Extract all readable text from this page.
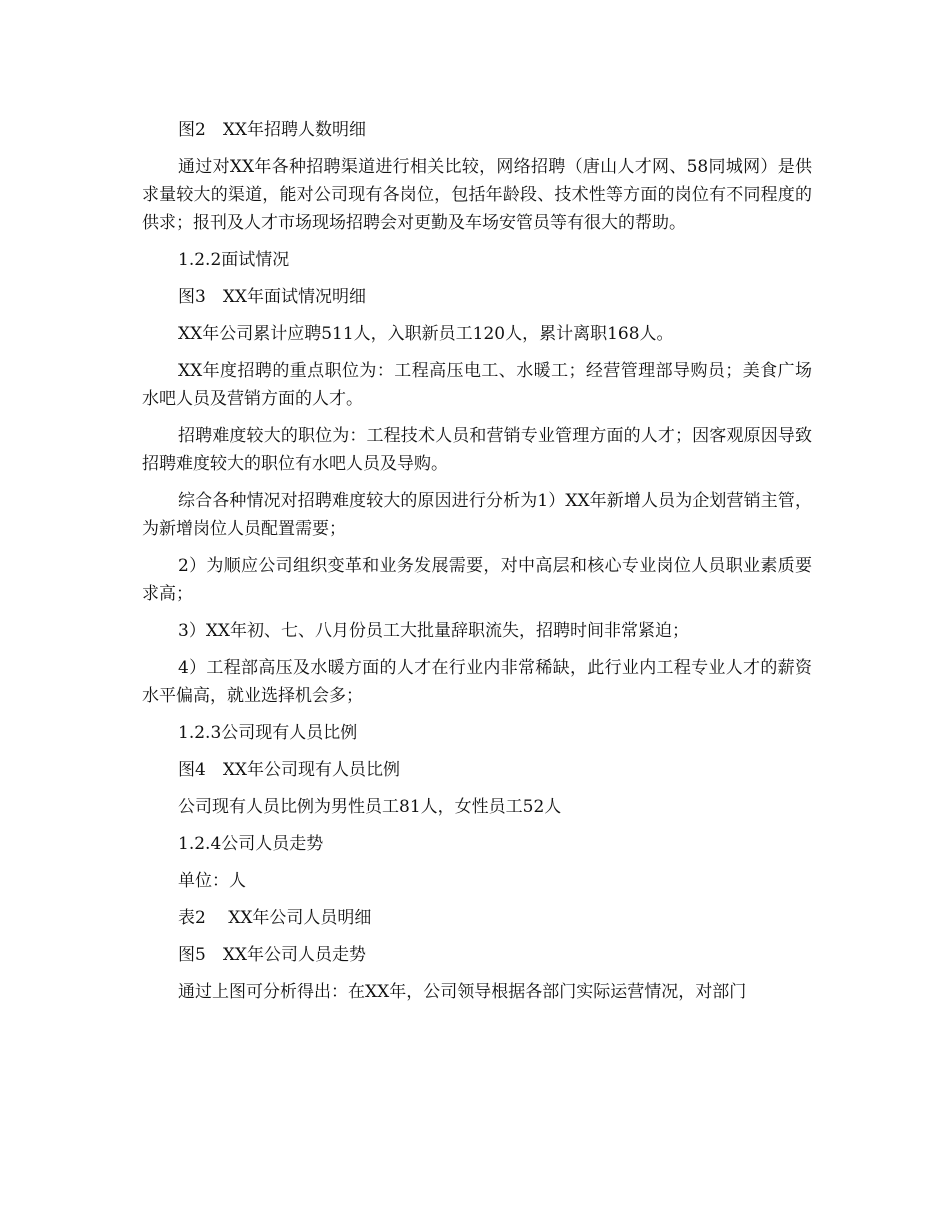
图2　XX年招聘人数明细

通过对XX年各种招聘渠道进行相关比较，网络招聘（唐山人才网、58同城网）是供求量较大的渠道，能对公司现有各岗位，包括年龄段、技术性等方面的岗位有不同程度的供求；报刊及人才市场现场招聘会对更勤及车场安管员等有很大的帮助。

1.2.2面试情况

图3　XX年面试情况明细

XX年公司累计应聘511人，入职新员工120人，累计离职168人。

XX年度招聘的重点职位为：工程高压电工、水暖工；经营管理部导购员；美食广场水吧人员及营销方面的人才。

招聘难度较大的职位为：工程技术人员和营销专业管理方面的人才；因客观原因导致招聘难度较大的职位有水吧人员及导购。

综合各种情况对招聘难度较大的原因进行分析为1）XX年新增人员为企划营销主管，为新增岗位人员配置需要；

2）为顺应公司组织变革和业务发展需要，对中高层和核心专业岗位人员职业素质要求高；

3）XX年初、七、八月份员工大批量辞职流失，招聘时间非常紧迫；

4）工程部高压及水暖方面的人才在行业内非常稀缺，此行业内工程专业人才的薪资水平偏高，就业选择机会多；

1.2.3公司现有人员比例

图4　XX年公司现有人员比例

公司现有人员比例为男性员工81人，女性员工52人

1.2.4公司人员走势

单位：人

表2　 XX年公司人员明细

图5　XX年公司人员走势

通过上图可分析得出：在XX年，公司领导根据各部门实际运营情况，对部门
